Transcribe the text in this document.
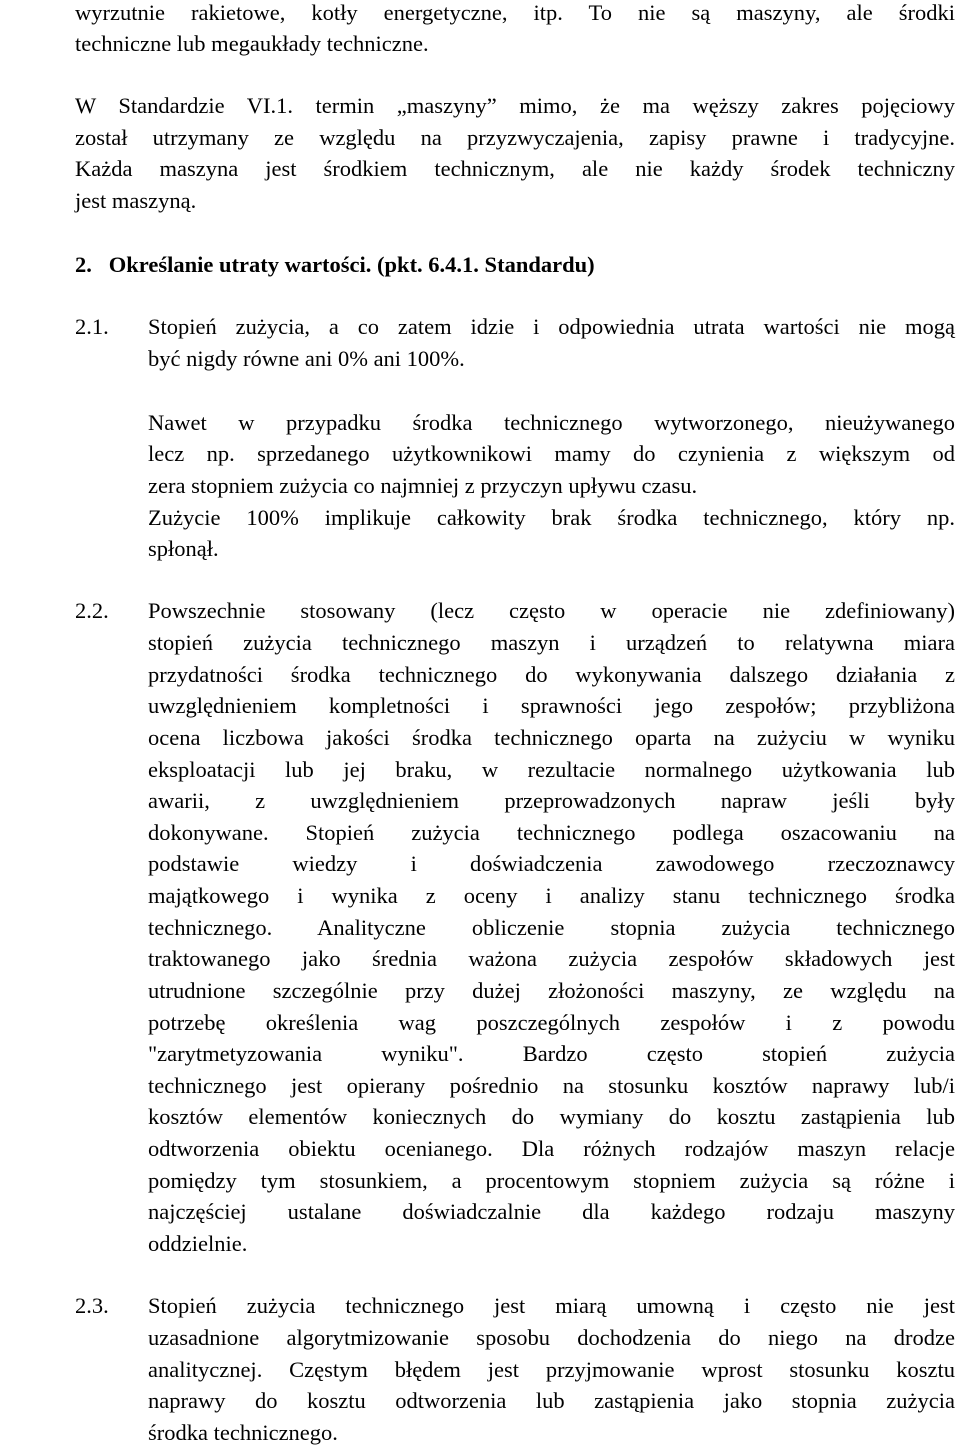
wyrzutnie rakietowe, kotły energetyczne, itp. To nie są maszyny, ale środki
techniczne lub megaukłady techniczne.
W Standardzie VI.1. termin „maszyny” mimo, że ma węższy zakres pojęciowy
został utrzymany ze względu na przyzwyczajenia, zapisy prawne i tradycyjne.
Każda maszyna jest środkiem technicznym, ale nie każdy środek techniczny
jest maszyną.
2.   Określanie utraty wartości. (pkt. 6.4.1. Standardu)
2.1. Stopień zużycia, a co zatem idzie i odpowiednia utrata wartości nie mogą
być nigdy równe ani 0% ani 100%.
Nawet w przypadku środka technicznego wytworzonego, nieużywanego
lecz np. sprzedanego użytkownikowi mamy do czynienia z większym od
zera stopniem zużycia co najmniej z przyczyn upływu czasu.
Zużycie 100% implikuje całkowity brak środka technicznego, który np.
spłonął.
2.2. Powszechnie stosowany (lecz często w operacie nie zdefiniowany)
stopień zużycia technicznego maszyn i urządzeń to relatywna miara
przydatności środka technicznego do wykonywania dalszego działania z
uwzględnieniem kompletności i sprawności jego zespołów; przybliżona
ocena liczbowa jakości środka technicznego oparta na zużyciu w wyniku
eksploatacji lub jej braku, w rezultacie normalnego użytkowania lub
awarii, z uwzględnieniem przeprowadzonych napraw jeśli były
dokonywane. Stopień zużycia technicznego podlega oszacowaniu na
podstawie wiedzy i doświadczenia zawodowego rzeczoznawcy
majątkowego i wynika z oceny i analizy stanu technicznego środka
technicznego. Analityczne obliczenie stopnia zużycia technicznego
traktowanego jako średnia ważona zużycia zespołów składowych jest
utrudnione szczególnie przy dużej złożoności maszyny, ze względu na
potrzebę określenia wag poszczególnych zespołów i z powodu
"zarytmetyzowania wyniku". Bardzo często stopień zużycia
technicznego jest opierany pośrednio na stosunku kosztów naprawy lub/i
kosztów elementów koniecznych do wymiany do kosztu zastąpienia lub
odtworzenia obiektu ocenianego. Dla różnych rodzajów maszyn relacje
pomiędzy tym stosunkiem, a procentowym stopniem zużycia są różne i
najczęściej ustalane doświadczalnie dla każdego rodzaju maszyny
oddzielnie.
2.3. Stopień zużycia technicznego jest miarą umowną i często nie jest
uzasadnione algorytmizowanie sposobu dochodzenia do niego na drodze
analitycznej. Częstym błędem jest przyjmowanie wprost stosunku kosztu
naprawy do kosztu odtworzenia lub zastąpienia jako stopnia zużycia
środka technicznego.
